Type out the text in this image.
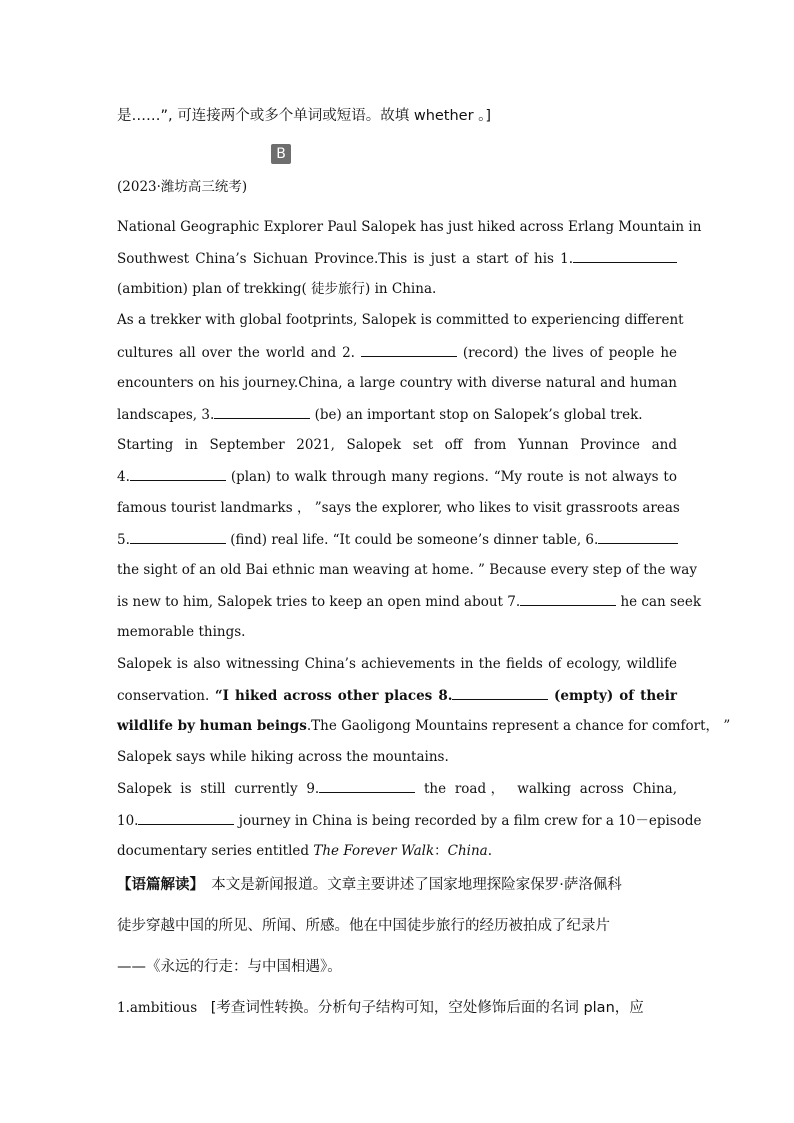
是……”, 可连接两个或多个单词或短语。故填 whether 。]
(2023·潍坊高三统考)
National Geographic Explorer Paul Salopek has just hiked across Erlang Mountain in
Southwest China’s Sichuan Province.This is just a start of his 1.
(ambition) plan of trekking( 徒步旅行) in China.
As a trekker with global footprints, Salopek is committed to experiencing different
cultures all over the world and 2.	(record) the lives of people he
encounters on his journey.China, a large country with diverse natural and human
landscapes, 3.	(be) an important stop on Salopek’s global trek.
Starting in September 2021, Salopek set off from Yunnan Province and
4.	(plan) to walk through many regions. “My route is not always to
famous tourist landmarks ， ”says the explorer, who likes to visit grassroots areas
5.	(find) real life. “It could be someone’s dinner table, 6.
the sight of an old Bai ethnic man weaving at home. ” Because every step of the way
is new to him, Salopek tries to keep an open mind about 7.	he can seek
memorable things.
Salopek is also witnessing China’s achievements in the fields of ecology, wildlife
conservation. “I hiked across other places 8.	(empty) of their
wildlife by human beings.The Gaoligong Mountains represent a chance for comfort， ”
Salopek says while hiking across the mountains.
Salopek is still currently 9.	the road， walking across China,
10.	journey in China is being recorded by a film crew for a 10－episode
documentary series entitled The Forever Walk：China.
【语篇解读】　 本文是新闻报道。文章主要讲述了国家地理探险家保罗·萨洛佩科
徒步穿越中国的所见、所闻、所感。他在中国徒步旅行的经历被拍成了纪录片
——《永远的行走：与中国相遇》。
1.ambitious　 [考查词性转换。分析句子结构可知，空处修饰后面的名词 plan，应
B
